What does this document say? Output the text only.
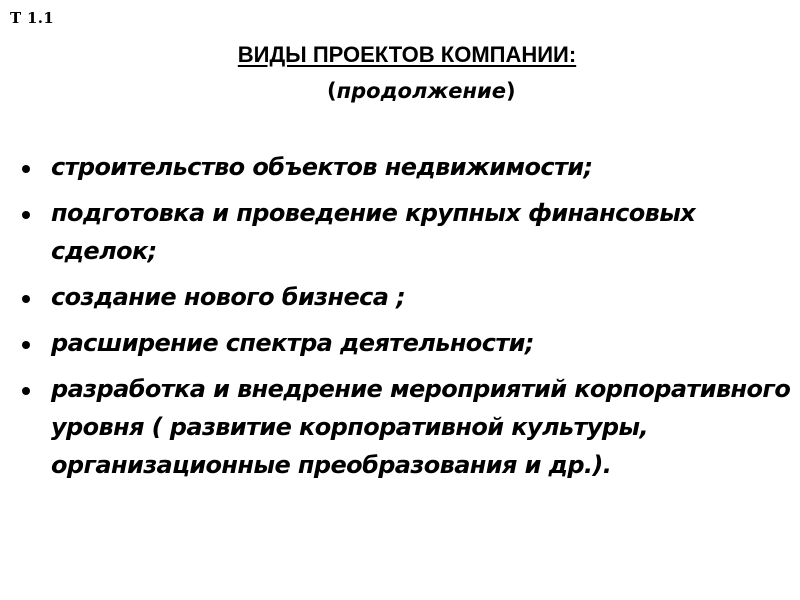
Т 1.1
ВИДЫ ПРОЕКТОВ КОМПАНИИ:
(продолжение)
строительство объектов недвижимости;
подготовка и проведение крупных финансовых сделок;
создание нового бизнеса ;
расширение спектра деятельности;
разработка и внедрение мероприятий корпоративного уровня ( развитие корпоративной культуры, организационные преобразования и др.).
